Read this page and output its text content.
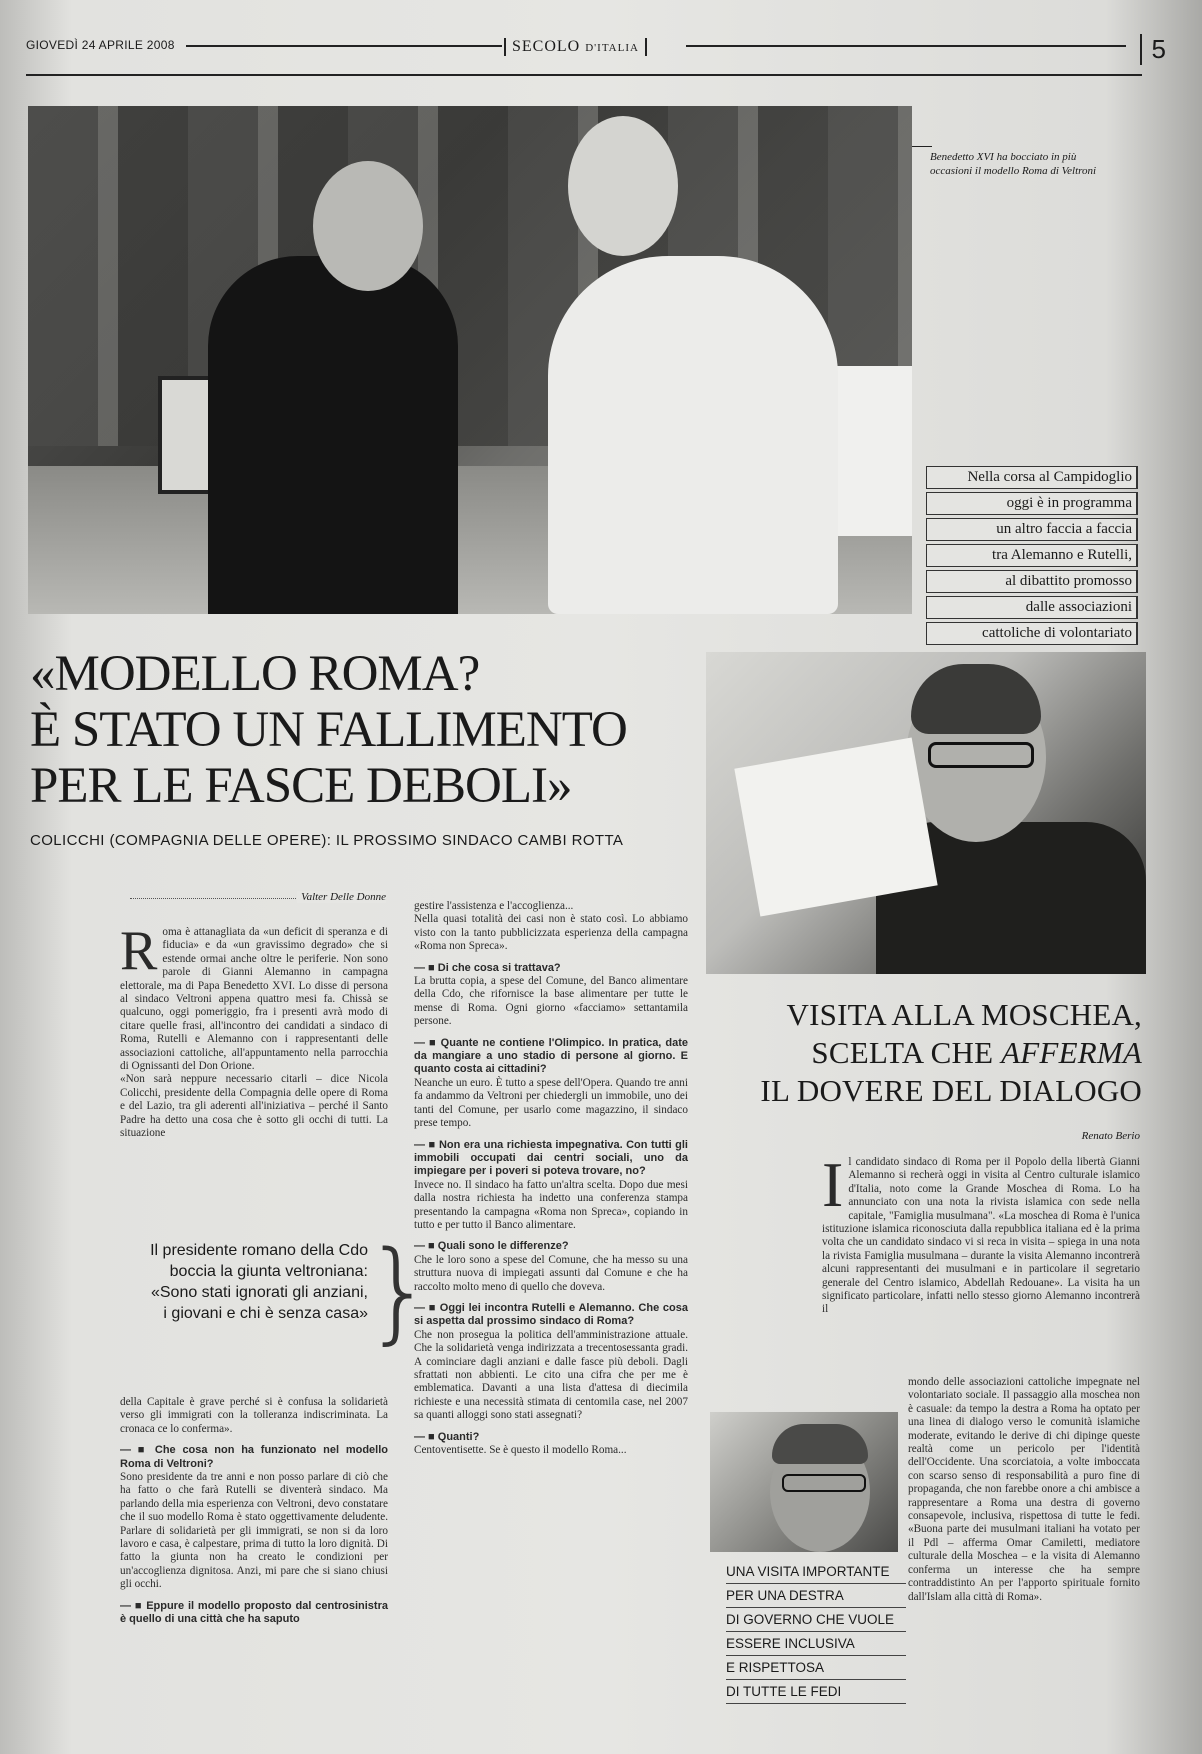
GIOVEDÌ 24 APRILE 2008	SECOLO D'ITALIA	5
Benedetto XVI ha bocciato in più occasioni il modello Roma di Veltroni
Nella corsa al Campidoglio
oggi è in programma
un altro faccia a faccia
tra Alemanno e Rutelli,
al dibattito promosso
dalle associazioni
cattoliche di volontariato
«MODELLO ROMA?
È STATO UN FALLIMENTO
PER LE FASCE DEBOLI»
COLICCHI (COMPAGNIA DELLE OPERE): IL PROSSIMO SINDACO CAMBI ROTTA
Valter Delle Donne

Roma è attanagliata da «un deficit di speranza e di fiducia» e da «un gravissimo degrado» che si estende ormai anche oltre le periferie. Non sono parole di Gianni Alemanno in campagna elettorale, ma di Papa Benedetto XVI. Lo disse di persona al sindaco Veltroni appena quattro mesi fa. Chissà se qualcuno, oggi pomeriggio, fra i presenti avrà modo di citare quelle frasi, all'incontro dei candidati a sindaco di Roma, Rutelli e Alemanno con i rappresentanti delle associazioni cattoliche, all'appuntamento nella parrocchia di Ognissanti del Don Orione.

«Non sarà neppure necessario citarli – dice Nicola Colicchi, presidente della Compagnia delle opere di Roma e del Lazio, tra gli aderenti all'iniziativa – perché il Santo Padre ha detto una cosa che è sotto gli occhi di tutti. La situazione

Il presidente romano della Cdo boccia la giunta veltroniana: «Sono stati ignorati gli anziani, i giovani e chi è senza casa»
}

della Capitale è grave perché si è confusa la solidarietà verso gli immigrati con la tolleranza indiscriminata. La cronaca ce lo conferma».

— ■ Che cosa non ha funzionato nel modello Roma di Veltroni?

Sono presidente da tre anni e non posso parlare di ciò che ha fatto o che farà Rutelli se diventerà sindaco. Ma parlando della mia esperienza con Veltroni, devo constatare che il suo modello Roma è stato oggettivamente deludente. Parlare di solidarietà per gli immigrati, se non si da loro lavoro e casa, è calpestare, prima di tutto la loro dignità. Di fatto la giunta non ha creato le condizioni per un'accoglienza dignitosa. Anzi, mi pare che si siano chiusi gli occhi.

— ■ Eppure il modello proposto dal centrosinistra è quello di una città che ha saputo

gestire l'assistenza e l'accoglienza...

Nella quasi totalità dei casi non è stato così. Lo abbiamo visto con la tanto pubblicizzata esperienza della campagna «Roma non Spreca».

— ■ Di che cosa si trattava?

La brutta copia, a spese del Comune, del Banco alimentare della Cdo, che rifornisce la base alimentare per tutte le mense di Roma. Ogni giorno «facciamo» settantamila persone.

— ■ Quante ne contiene l'Olimpico. In pratica, date da mangiare a uno stadio di persone al giorno. E quanto costa ai cittadini?

Neanche un euro. È tutto a spese dell'Opera. Quando tre anni fa andammo da Veltroni per chiedergli un immobile, uno dei tanti del Comune, per usarlo come magazzino, il sindaco prese tempo.

— ■ Non era una richiesta impegnativa. Con tutti gli immobili occupati dai centri sociali, uno da impiegare per i poveri si poteva trovare, no?

Invece no. Il sindaco ha fatto un'altra scelta. Dopo due mesi dalla nostra richiesta ha indetto una conferenza stampa presentando la campagna «Roma non Spreca», copiando in tutto e per tutto il Banco alimentare.

— ■ Quali sono le differenze?

Che le loro sono a spese del Comune, che ha messo su una struttura nuova di impiegati assunti dal Comune e che ha raccolto molto meno di quello che doveva.

— ■ Oggi lei incontra Rutelli e Alemanno. Che cosa si aspetta dal prossimo sindaco di Roma?

Che non prosegua la politica dell'amministrazione attuale. Che la solidarietà venga indirizzata a trecentosessanta gradi. A cominciare dagli anziani e dalle fasce più deboli. Dagli sfrattati non abbienti. Le cito una cifra che per me è emblematica. Davanti a una lista d'attesa di diecimila richieste e una necessità stimata di centomila case, nel 2007 sa quanti alloggi sono stati assegnati?

— ■ Quanti?

Centoventisette. Se è questo il modello Roma...

VISITA ALLA MOSCHEA,
SCELTA CHE AFFERMA
IL DOVERE DEL DIALOGO
Renato Berio

Il candidato sindaco di Roma per il Popolo della libertà Gianni Alemanno si recherà oggi in visita al Centro culturale islamico d'Italia, noto come la Grande Moschea di Roma. Lo ha annunciato con una nota la rivista islamica con sede nella capitale, "Famiglia musulmana". «La moschea di Roma è l'unica istituzione islamica riconosciuta dalla repubblica italiana ed è la prima volta che un candidato sindaco vi si reca in visita – spiega in una nota la rivista Famiglia musulmana – durante la visita Alemanno incontrerà alcuni rappresentanti dei musulmani e in particolare il segretario generale del Centro islamico, Abdellah Redouane». La visita ha un significato particolare, infatti nello stesso giorno Alemanno incontrerà il

mondo delle associazioni cattoliche impegnate nel volontariato sociale. Il passaggio alla moschea non è casuale: da tempo la destra a Roma ha optato per una linea di dialogo verso le comunità islamiche moderate, evitando le derive di chi dipinge queste realtà come un pericolo per l'identità dell'Occidente. Una scorciatoia, a volte imboccata con scarso senso di responsabilità a puro fine di propaganda, che non farebbe onore a chi ambisce a rappresentare a Roma una destra di governo consapevole, inclusiva, rispettosa di tutte le fedi. «Buona parte dei musulmani italiani ha votato per il Pdl – afferma Omar Camiletti, mediatore culturale della Moschea – e la visita di Alemanno conferma un interesse che ha sempre contraddistinto An per l'apporto spirituale fornito dall'Islam alla città di Roma».

UNA VISITA IMPORTANTE
PER UNA DESTRA
DI GOVERNO CHE VUOLE
ESSERE INCLUSIVA
E RISPETTOSA
DI TUTTE LE FEDI
